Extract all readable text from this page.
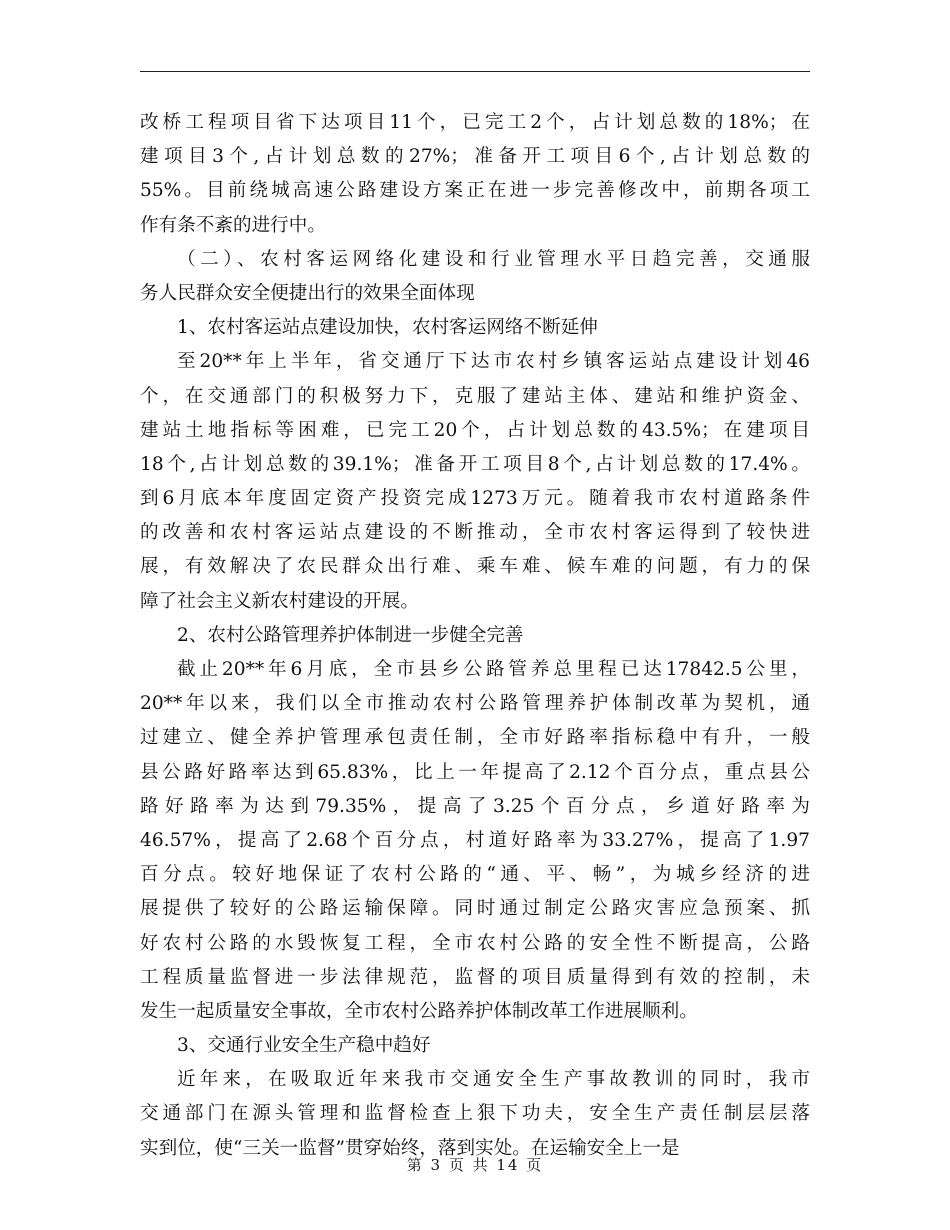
改桥工程项目省下达项目11个，已完工2个，占计划总数的18%；在
建项目3个,占计划总数的27%；准备开工项目6个,占计划总数的
55%。目前绕城高速公路建设方案正在进一步完善修改中，前期各项工
作有条不紊的进行中。
（二）、农村客运网络化建设和行业管理水平日趋完善，交通服
务人民群众安全便捷出行的效果全面体现
1、农村客运站点建设加快，农村客运网络不断延伸
至20**年上半年，省交通厅下达市农村乡镇客运站点建设计划46
个，在交通部门的积极努力下，克服了建站主体、建站和维护资金、
建站土地指标等困难，已完工20个，占计划总数的43.5%；在建项目
18个,占计划总数的39.1%；准备开工项目8个,占计划总数的17.4%。
到6月底本年度固定资产投资完成1273万元。随着我市农村道路条件
的改善和农村客运站点建设的不断推动，全市农村客运得到了较快进
展，有效解决了农民群众出行难、乘车难、候车难的问题，有力的保
障了社会主义新农村建设的开展。
2、农村公路管理养护体制进一步健全完善
截止20**年6月底，全市县乡公路管养总里程已达17842.5公里，
20**年以来，我们以全市推动农村公路管理养护体制改革为契机，通
过建立、健全养护管理承包责任制，全市好路率指标稳中有升，一般
县公路好路率达到65.83%，比上一年提高了2.12个百分点，重点县公
路好路率为达到79.35%，提高了3.25个百分点，乡道好路率为
46.57%，提高了2.68个百分点，村道好路率为33.27%，提高了1.97
百分点。较好地保证了农村公路的“通、平、畅”，为城乡经济的进
展提供了较好的公路运输保障。同时通过制定公路灾害应急预案、抓
好农村公路的水毁恢复工程，全市农村公路的安全性不断提高，公路
工程质量监督进一步法律规范，监督的项目质量得到有效的控制，未
发生一起质量安全事故，全市农村公路养护体制改革工作进展顺利。
3、交通行业安全生产稳中趋好
近年来，在吸取近年来我市交通安全生产事故教训的同时，我市
交通部门在源头管理和监督检查上狠下功夫，安全生产责任制层层落
实到位，使“三关一监督”贯穿始终，落到实处。在运输安全上一是
第 3 页 共 14 页
